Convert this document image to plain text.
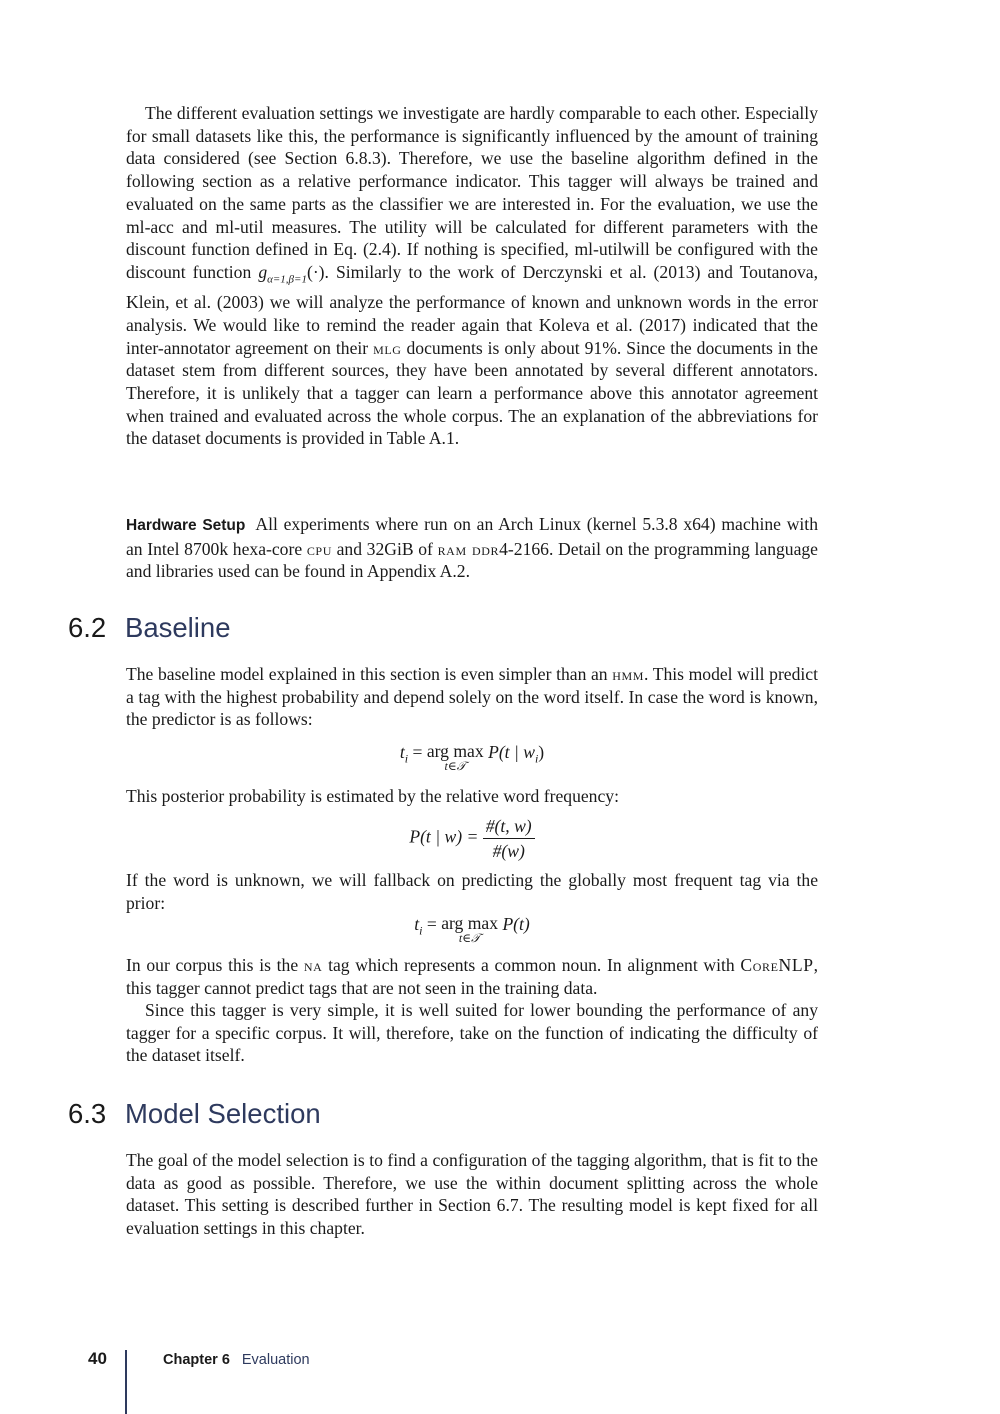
The different evaluation settings we investigate are hardly comparable to each other. Especially for small datasets like this, the performance is significantly influenced by the amount of training data considered (see Section 6.8.3). Therefore, we use the baseline algorithm defined in the following section as a relative performance indicator. This tagger will always be trained and evaluated on the same parts as the classifier we are interested in. For the evaluation, we use the ml-acc and ml-util measures. The utility will be calculated for different parameters with the discount function defined in Eq. (2.4). If nothing is specified, ml-utilwill be configured with the discount function $g_{\alpha=1,\beta=1}(\cdot)$. Similarly to the work of Derczynski et al. (2013) and Toutanova, Klein, et al. (2003) we will analyze the performance of known and unknown words in the error analysis. We would like to remind the reader again that Koleva et al. (2017) indicated that the inter-annotator agreement on their mlg documents is only about 91%. Since the documents in the dataset stem from different sources, they have been annotated by several different annotators. Therefore, it is unlikely that a tagger can learn a performance above this annotator agreement when trained and evaluated across the whole corpus. The an explanation of the abbreviations for the dataset documents is provided in Table A.1.

Hardware Setup All experiments where run on an Arch Linux (kernel 5.3.8 x64) machine with an Intel 8700k hexa-core cpu and 32GiB of ram ddr4-2166. Detail on the programming language and libraries used can be found in Appendix A.2.

6.2 Baseline

The baseline model explained in this section is even simpler than an hmm. This model will predict a tag with the highest probability and depend solely on the word itself. In case the word is known, the predictor is as follows:

$t_i$ = arg max
t∈𝒯
P(t | $w_i$)

This posterior probability is estimated by the relative word frequency:

P(t | $w) = \frac{\#(t, w)}{\#(w)}$

If the word is unknown, we will fallback on predicting the globally most frequent tag via the prior:

$t_i$ = arg max
t∈𝒯
P(t)

In our corpus this is the na tag which represents a common noun. In alignment with CoreNLP, this tagger cannot predict tags that are not seen in the training data.

Since this tagger is very simple, it is well suited for lower bounding the performance of any tagger for a specific corpus. It will, therefore, take on the function of indicating the difficulty of the dataset itself.

6.3 Model Selection

The goal of the model selection is to find a configuration of the tagging algorithm, that is fit to the data as good as possible. Therefore, we use the within document splitting across the whole dataset. This setting is described further in Section 6.7. The resulting model is kept fixed for all evaluation settings in this chapter.

40	Chapter 6 Evaluation
